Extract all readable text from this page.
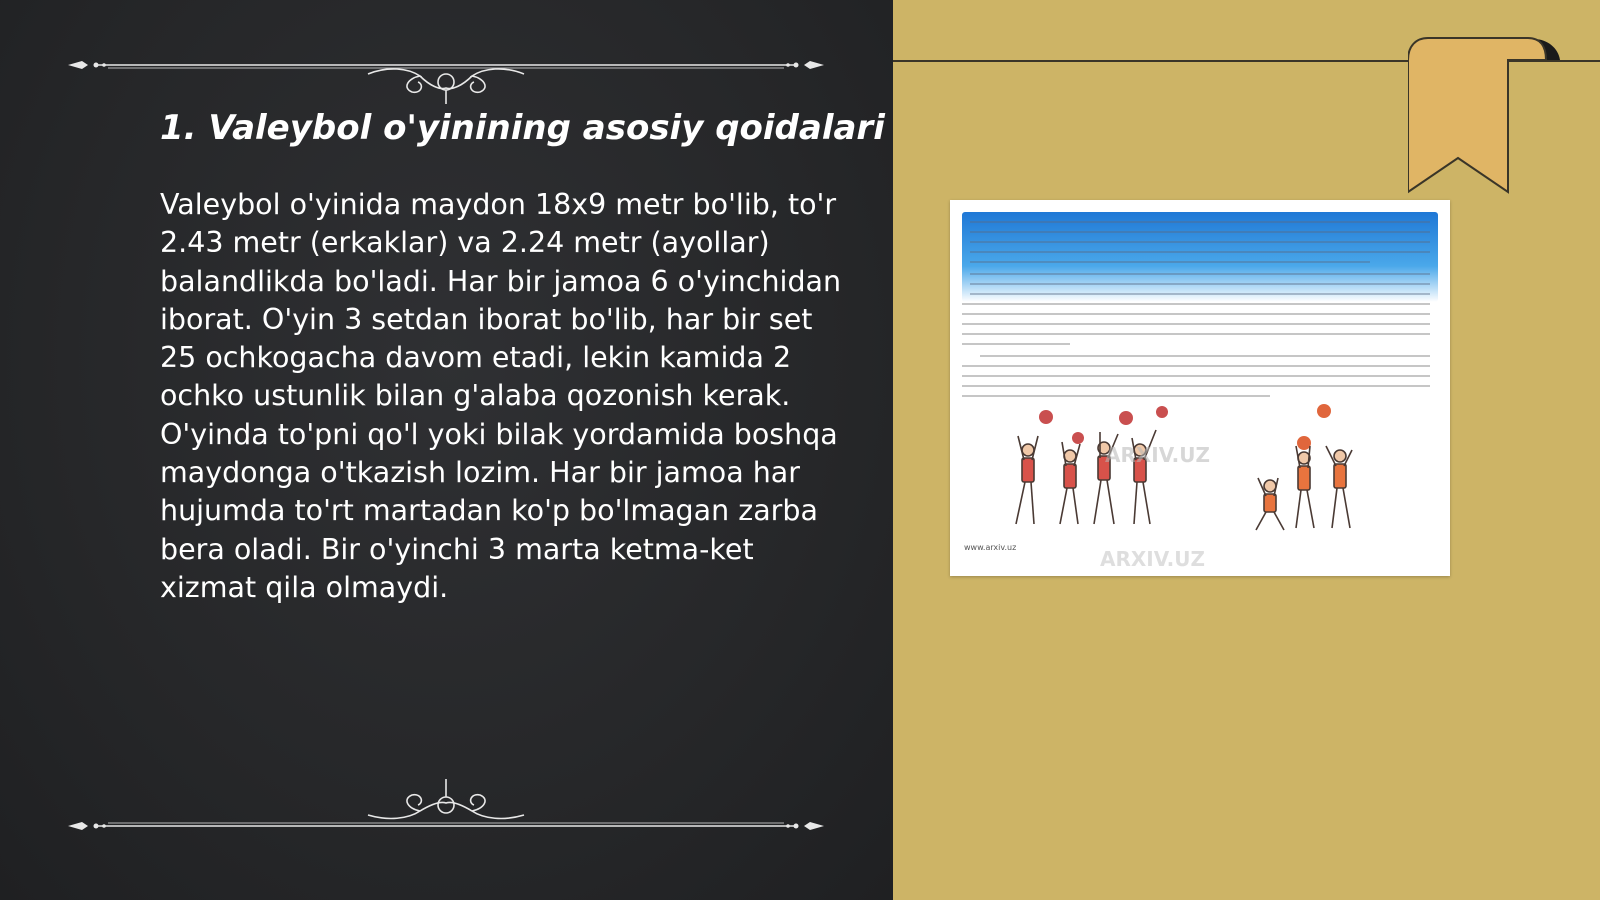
1. Valeybol o'yinining asosiy qoidalari

Valeybol o'yinida maydon 18x9 metr bo'lib, to'r 2.43 metr (erkaklar) va 2.24 metr (ayollar) balandlikda bo'ladi. Har bir jamoa 6 o'yinchidan iborat. O'yin 3 setdan iborat bo'lib, har bir set 25 ochkogacha davom etadi, lekin kamida 2 ochko ustunlik bilan g'alaba qozonish kerak. O'yinda to'pni qo'l yoki bilak yordamida boshqa maydonga o'tkazish lozim. Har bir jamoa har hujumda to'rt martadan ko'p bo'lmagan zarba bera oladi. Bir o'yinchi 3 marta ketma-ket xizmat qila olmaydi.

ARXIV.UZ
ARXIV.UZ
www.arxiv.uz
